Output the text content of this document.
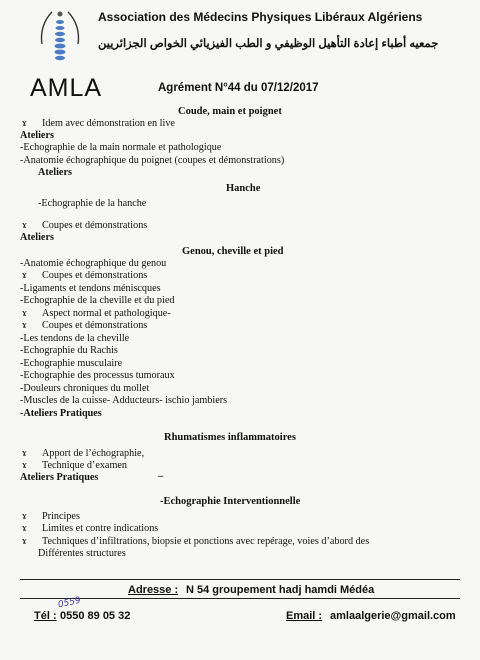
Association des Médecins Physiques Libéraux Algériens
جمعيه أطباء إعادة التأهيل الوظيفي و الطب الفيزيائي الخواص الجزائريين
AMLA	Agrément N°44 du 07/12/2017
Coude, main et poignet
ɤ Idem avec démonstration en live
Ateliers
-Echographie de la main normale et pathologique
-Anatomie échographique du poignet (coupes et démonstrations)
Ateliers
Hanche
-Echographie de la hanche
ɤ Coupes et démonstrations
Ateliers
Genou, cheville et pied
-Anatomie échographique du genou
ɤ Coupes et démonstrations
-Ligaments et tendons méniscques
-Echographie de la cheville et du pied
ɤ Aspect normal et pathologique-
ɤ Coupes et démonstrations
-Les tendons de la cheville
-Echographie du Rachis
-Echographie musculaire
-Echographie des processus tumoraux
-Douleurs chroniques du mollet
-Muscles de la cuisse- Adducteurs- ischio jambiers
-Ateliers Pratiques
Rhumatismes inflammatoires
ɤ Apport de l’échographie,
ɤ Technique d’examen
Ateliers Pratiques	–
-Echographie Interventionnelle
ɤ Principes
ɤ Limites et contre indications
ɤ Techniques d’infiltrations, biopsie et ponctions avec repérage, voies d’abord des
Différentes structures
Adresse : N 54 groupement hadj hamdi Médéa
0559
Tél : 0550 89 05 32	Email : amlaalgerie@gmail.com
